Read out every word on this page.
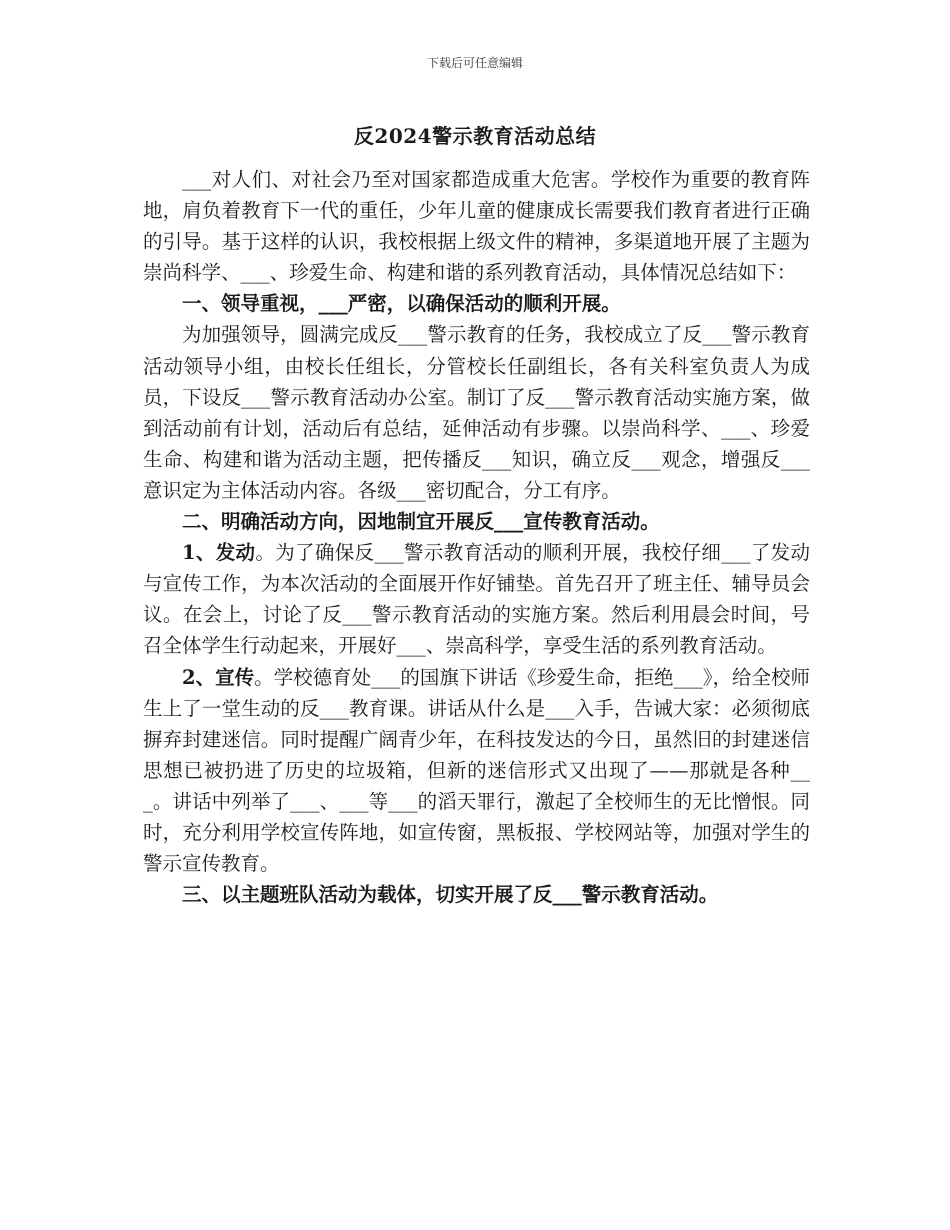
下载后可任意编辑
反2024警示教育活动总结

___对人们、对社会乃至对国家都造成重大危害。学校作为重要的教育阵地，肩负着教育下一代的重任，少年儿童的健康成长需要我们教育者进行正确的引导。基于这样的认识，我校根据上级文件的精神，多渠道地开展了主题为崇尚科学、___、珍爱生命、构建和谐的系列教育活动，具体情况总结如下：

一、领导重视，___严密，以确保活动的顺利开展。

为加强领导，圆满完成反___警示教育的任务，我校成立了反___警示教育活动领导小组，由校长任组长，分管校长任副组长，各有关科室负责人为成员，下设反___警示教育活动办公室。制订了反___警示教育活动实施方案，做到活动前有计划，活动后有总结，延伸活动有步骤。以崇尚科学、___、珍爱生命、构建和谐为活动主题，把传播反___知识，确立反___观念，增强反___意识定为主体活动内容。各级___密切配合，分工有序。

二、明确活动方向，因地制宜开展反___宣传教育活动。

1、发动。为了确保反___警示教育活动的顺利开展，我校仔细___了发动与宣传工作，为本次活动的全面展开作好铺垫。首先召开了班主任、辅导员会议。在会上，讨论了反___警示教育活动的实施方案。然后利用晨会时间，号召全体学生行动起来，开展好___、崇高科学，享受生活的系列教育活动。

2、宣传。学校德育处___的国旗下讲话《珍爱生命，拒绝___》，给全校师生上了一堂生动的反___教育课。讲话从什么是___入手，告诫大家：必须彻底摒弃封建迷信。同时提醒广阔青少年，在科技发达的今日，虽然旧的封建迷信思想已被扔进了历史的垃圾箱，但新的迷信形式又出现了——那就是各种___。讲话中列举了___、___等___的滔天罪行，激起了全校师生的无比憎恨。同时，充分利用学校宣传阵地，如宣传窗，黑板报、学校网站等，加强对学生的警示宣传教育。

三、以主题班队活动为载体，切实开展了反___警示教育活动。
